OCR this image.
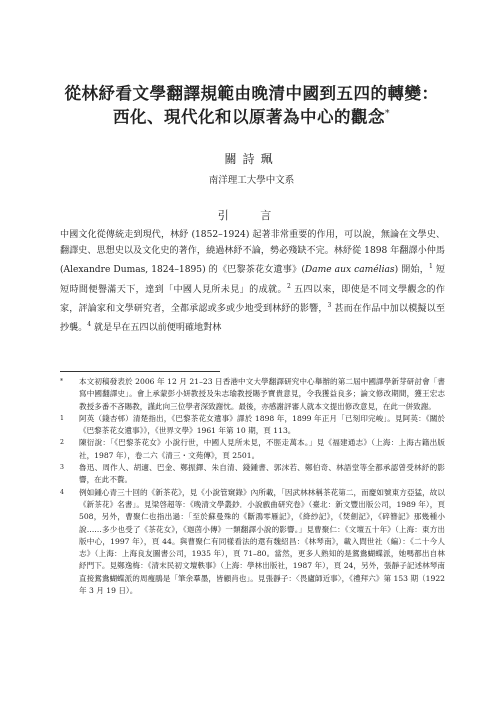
從林紓看文學翻譯規範由晚清中國到五四的轉變：
西化、現代化和以原著為中心的觀念*
關詩珮
南洋理工大學中文系
引 言
中國文化從傳統走到現代，林紓 (1852–1924) 起著非常重要的作用，可以說，無論在文學史、翻譯史、思想史以及文化史的著作，繞過林紓不論，勢必殘缺不完。林紓從 1898 年翻譯小仲馬 (Alexandre Dumas, 1824–1895) 的《巴黎茶花女遺事》(Dame aux camélias) 開始，$^1$ 短短時間便譽滿天下，達到「中國人見所未見」的成就。$^2$ 五四以來，即使是不同文學觀念的作家，評論家和文學研究者，全都承認或多或少地受到林紓的影響，$^3$ 甚而在作品中加以模擬以至抄襲。$^4$ 就是早在五四以前便明確地對林
* 本文初稿發表於 2006 年 12 月 21–23 日香港中文大學翻譯研究中心舉辦的第二屆中國譯學新芽研討會「書寫中國翻譯史」。會上承蒙彭小妍教授及朱志瑜教授賜予寶貴意見，令我獲益良多；論文修改期間，獲王宏志教授多番不吝賜教，謹此向三位學者深致謝忱。最後，亦感謝評審人就本文提出修改意見，在此一併致謝。
1 阿英（錢杏邨）清楚指出，《巴黎茶花女遺事》譯於 1898 年，1899 年正月「已刻印完峻」。見阿英：《關於《巴黎茶花女遺事》》，《世界文學》1961 年第 10 期，頁 113。
2 陳衍說：「《巴黎茶花女》小說行世，中國人見所未見，不脛走萬本。」見《福建通志》（上海：上海古籍出版社，1987 年），卷二六《清三・文苑傳》，頁 2501。
3 魯迅、周作人、胡適、巴金、鄭振鐸、朱自清、錢鍾書、郭沫若、鄭伯奇、林語堂等全都承認曾受林紓的影響，在此不贅。
4 例如鍾心青三十回的《新茶花》，見《小說管窺錄》內所載，「因武林林稱茶花第二，而慶如號東方亞猛，故以《新茶花》名書」。見梁啓超等：《晚清文學叢鈔．小說戲曲研究卷》（臺北：新文豐出版公司，1989 年），頁 508，另外，曹聚仁也指出過：「至於蘇曼殊的《斷鴻零雁記》，《絳紗記》，《焚劍記》，《碎簪記》那幾種小說……多少也受了《茶花女》，《迦茵小傳》一類翻譯小說的影響。」見曹聚仁：《文壇五十年》（上海：東方出版中心，1997 年），頁 44。與曹聚仁有同樣看法的還有魏紹昌：《林琴南》，載入問世社（編）：《二十今人志》（上海：上海良友圖書公司，1935 年），頁 71–80。當然，更多人熟知的是鴛鴦蝴蝶派，她嗎都出自林紓門下。見鄭逸梅：《清末民初文壇軼事》（上海：學林出版社，1987 年），頁 24，另外，張靜子記述林琴南直接鴛鴦蝴蝶派的周瘦鵑是「筆余羣墨，皆顧肖也」。見張靜子：〈畏廬師近事〉，《禮拜六》第 153 期（1922 年 3 月 19 日）。
